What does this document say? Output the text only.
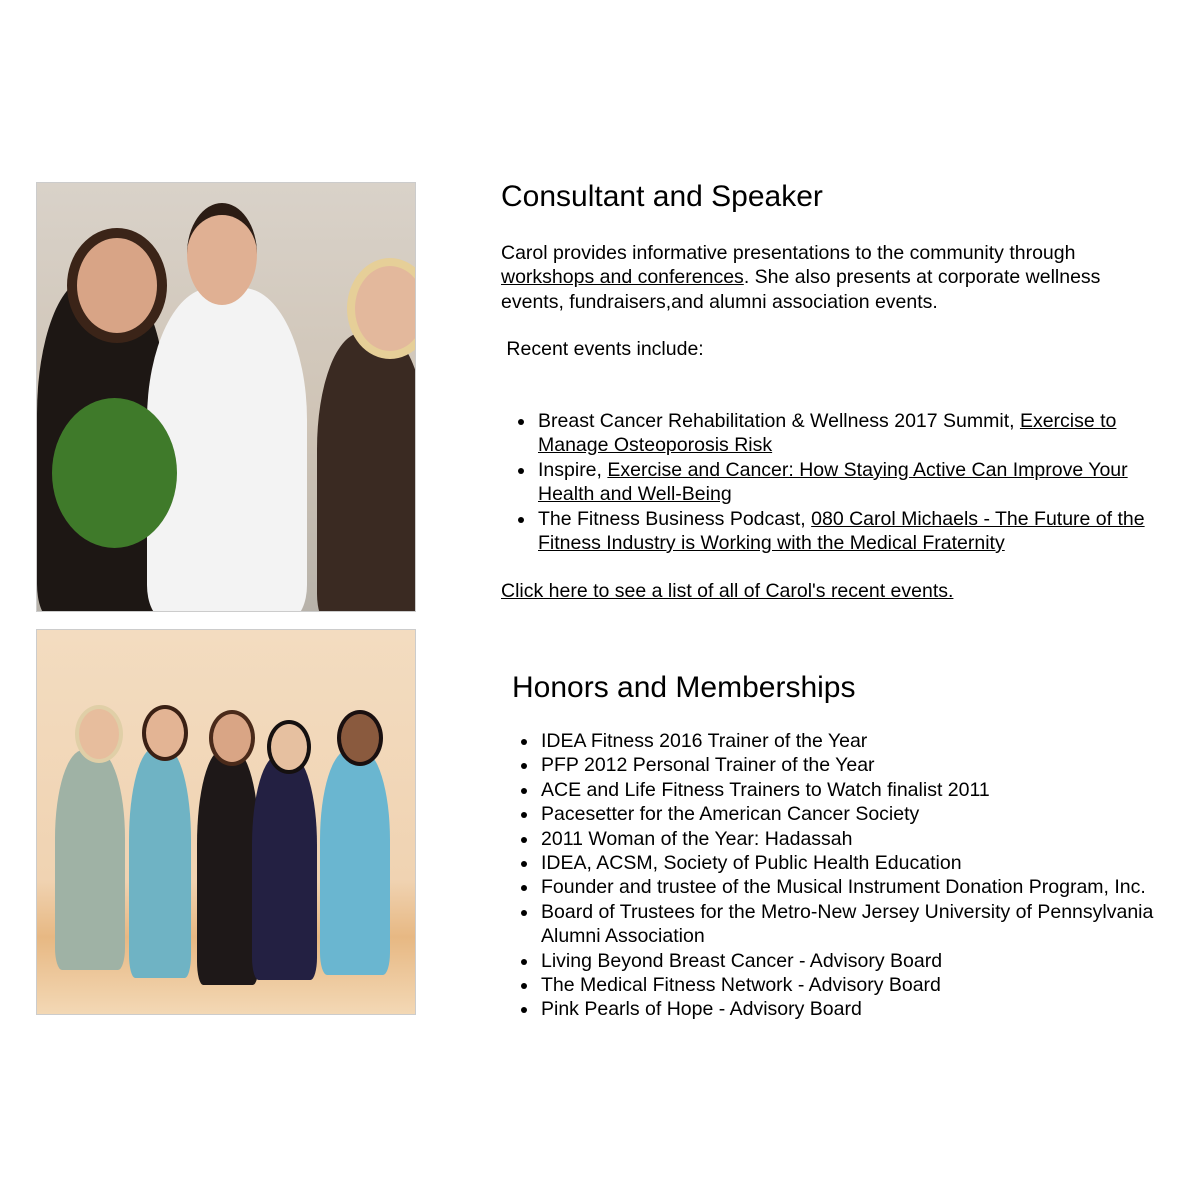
Consultant and Speaker

Carol provides informative presentations to the community through workshops and conferences. She also presents at corporate wellness events, fundraisers,and alumni association events.

Recent events include:

Breast Cancer Rehabilitation & Wellness 2017 Summit, Exercise to Manage Osteoporosis Risk
Inspire, Exercise and Cancer: How Staying Active Can Improve Your Health and Well-Being
The Fitness Business Podcast, 080 Carol Michaels - The Future of the Fitness Industry is Working with the Medical Fraternity

Click here to see a list of all of Carol's recent events.

Honors and Memberships
IDEA Fitness 2016 Trainer of the Year
PFP 2012 Personal Trainer of the Year
ACE and Life Fitness Trainers to Watch finalist 2011
Pacesetter for the American Cancer Society
2011 Woman of the Year: Hadassah
IDEA, ACSM, Society of Public Health Education
Founder and trustee of the Musical Instrument Donation Program, Inc.
Board of Trustees for the Metro-New Jersey University of Pennsylvania Alumni Association
Living Beyond Breast Cancer - Advisory Board
The Medical Fitness Network - Advisory Board
Pink Pearls of Hope - Advisory Board
